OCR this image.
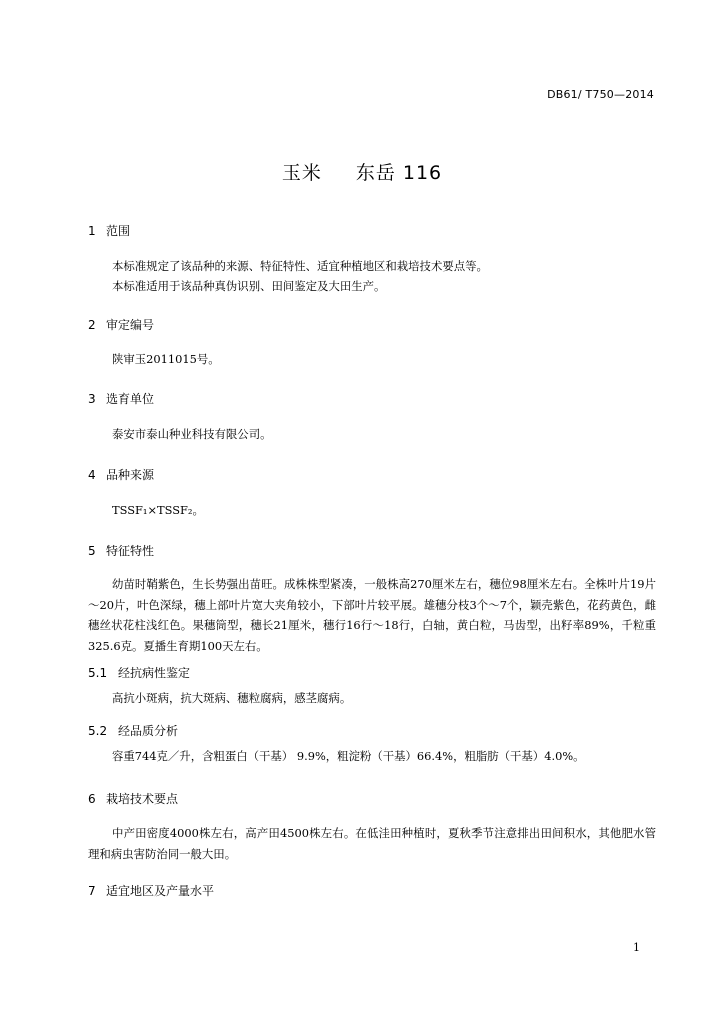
DB61/ T750—2014
玉米 东岳 116
1 范围
本标准规定了该品种的来源、特征特性、适宜种植地区和栽培技术要点等。
本标准适用于该品种真伪识别、田间鉴定及大田生产。
2 审定编号
陕审玉2011015号。
3 选育单位
泰安市泰山种业科技有限公司。
4 品种来源
TSSF₁×TSSF₂。
5 特征特性
幼苗时鞘紫色，生长势强出苗旺。成株株型紧凑，一般株高270厘米左右，穗位98厘米左右。全株叶片19片～20片，叶色深绿，穗上部叶片宽大夹角较小，下部叶片较平展。雄穗分枝3个～7个，颖壳紫色，花药黄色，雌穗丝状花柱浅红色。果穗筒型，穗长21厘米，穗行16行～18行，白轴，黄白粒，马齿型，出籽率89%，千粒重325.6克。夏播生育期100天左右。
5.1 经抗病性鉴定
高抗小斑病，抗大斑病、穗粒腐病，感茎腐病。
5.2 经品质分析
容重744克／升，含粗蛋白（干基） 9.9%，粗淀粉（干基）66.4%，粗脂肪（干基）4.0%。
6 栽培技术要点
中产田密度4000株左右，高产田4500株左右。在低洼田种植时，夏秋季节注意排出田间积水，其他肥水管理和病虫害防治同一般大田。
7 适宜地区及产量水平
1
